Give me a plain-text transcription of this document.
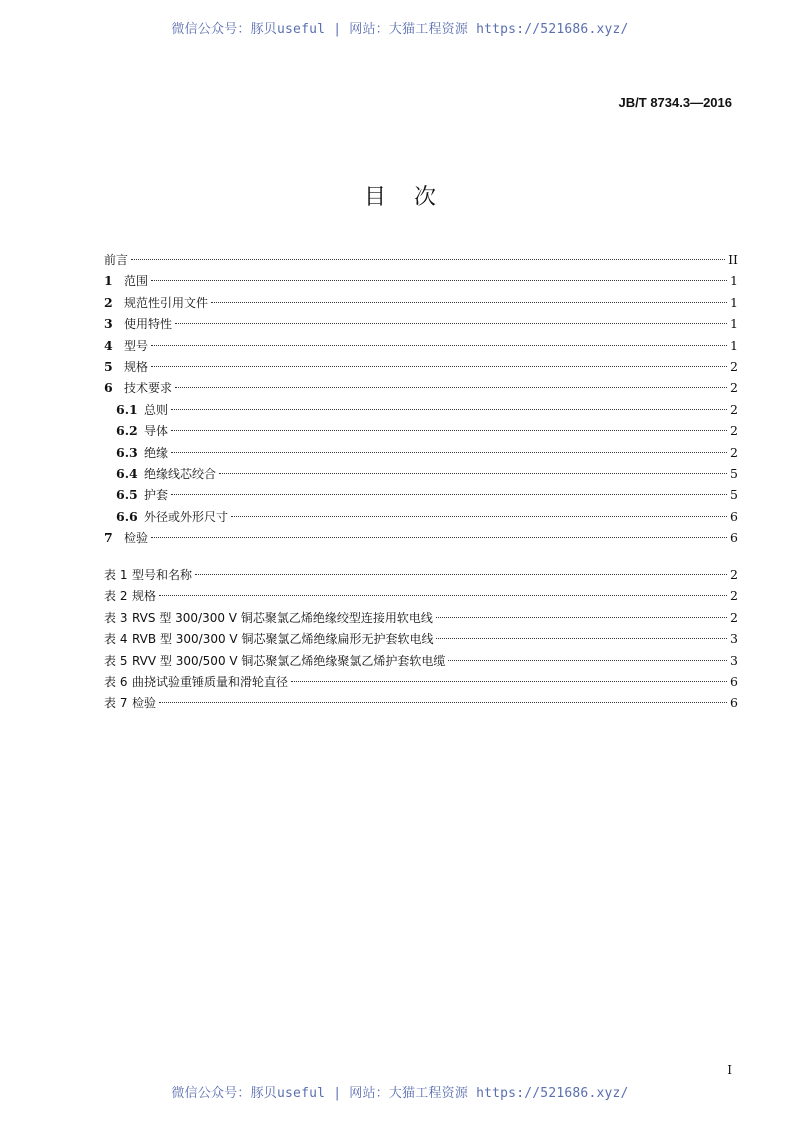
微信公众号：豚贝useful | 网站：大猫工程资源 https://521686.xyz/
JB/T 8734.3—2016
目次
前言	II
1 范围	1
2 规范性引用文件	1
3 使用特性	1
4 型号	1
5 规格	2
6 技术要求	2
6.1 总则	2
6.2 导体	2
6.3 绝缘	2
6.4 绝缘线芯绞合	5
6.5 护套	5
6.6 外径或外形尺寸	6
7 检验	6
表 1 型号和名称	2
表 2 规格	2
表 3 RVS 型 300/300 V 铜芯聚氯乙烯绝缘绞型连接用软电线	2
表 4 RVB 型 300/300 V 铜芯聚氯乙烯绝缘扁形无护套软电线	3
表 5 RVV 型 300/500 V 铜芯聚氯乙烯绝缘聚氯乙烯护套软电缆	3
表 6 曲挠试验重锤质量和滑轮直径	6
表 7 检验	6
I
微信公众号：豚贝useful | 网站：大猫工程资源 https://521686.xyz/
